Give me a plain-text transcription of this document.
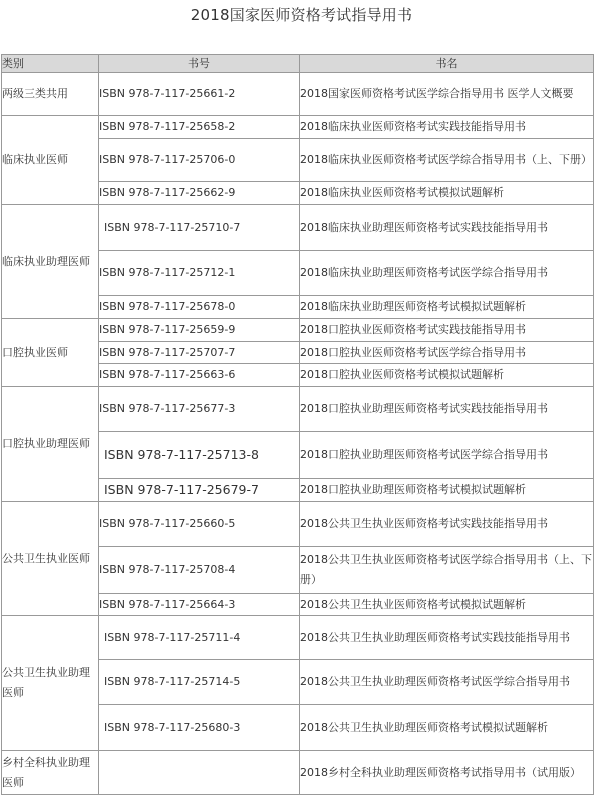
2018国家医师资格考试指导用书
类别	书号	书名
两级三类共用	ISBN 978-7-117-25661-2	2018国家医师资格考试医学综合指导用书 医学人文概要
临床执业医师	ISBN 978-7-117-25658-2	2018临床执业医师资格考试实践技能指导用书
	ISBN 978-7-117-25706-0	2018临床执业医师资格考试医学综合指导用书（上、下册）
	ISBN 978-7-117-25662-9	2018临床执业医师资格考试模拟试题解析
临床执业助理医师	ISBN 978-7-117-25710-7	2018临床执业助理医师资格考试实践技能指导用书
	ISBN 978-7-117-25712-1	2018临床执业助理医师资格考试医学综合指导用书
	ISBN 978-7-117-25678-0	2018临床执业助理医师资格考试模拟试题解析
口腔执业医师	ISBN 978-7-117-25659-9	2018口腔执业医师资格考试实践技能指导用书
	ISBN 978-7-117-25707-7	2018口腔执业医师资格考试医学综合指导用书
	ISBN 978-7-117-25663-6	2018口腔执业医师资格考试模拟试题解析
口腔执业助理医师	ISBN 978-7-117-25677-3	2018口腔执业助理医师资格考试实践技能指导用书
	ISBN 978-7-117-25713-8	2018口腔执业助理医师资格考试医学综合指导用书
	ISBN 978-7-117-25679-7	2018口腔执业助理医师资格考试模拟试题解析
公共卫生执业医师	ISBN 978-7-117-25660-5	2018公共卫生执业医师资格考试实践技能指导用书
	ISBN 978-7-117-25708-4	2018公共卫生执业医师资格考试医学综合指导用书（上、下册）
	ISBN 978-7-117-25664-3	2018公共卫生执业医师资格考试模拟试题解析
公共卫生执业助理医师	ISBN 978-7-117-25711-4	2018公共卫生执业助理医师资格考试实践技能指导用书
	ISBN 978-7-117-25714-5	2018公共卫生执业助理医师资格考试医学综合指导用书
	ISBN 978-7-117-25680-3	2018公共卫生执业助理医师资格考试模拟试题解析
乡村全科执业助理医师		2018乡村全科执业助理医师资格考试指导用书（试用版）
